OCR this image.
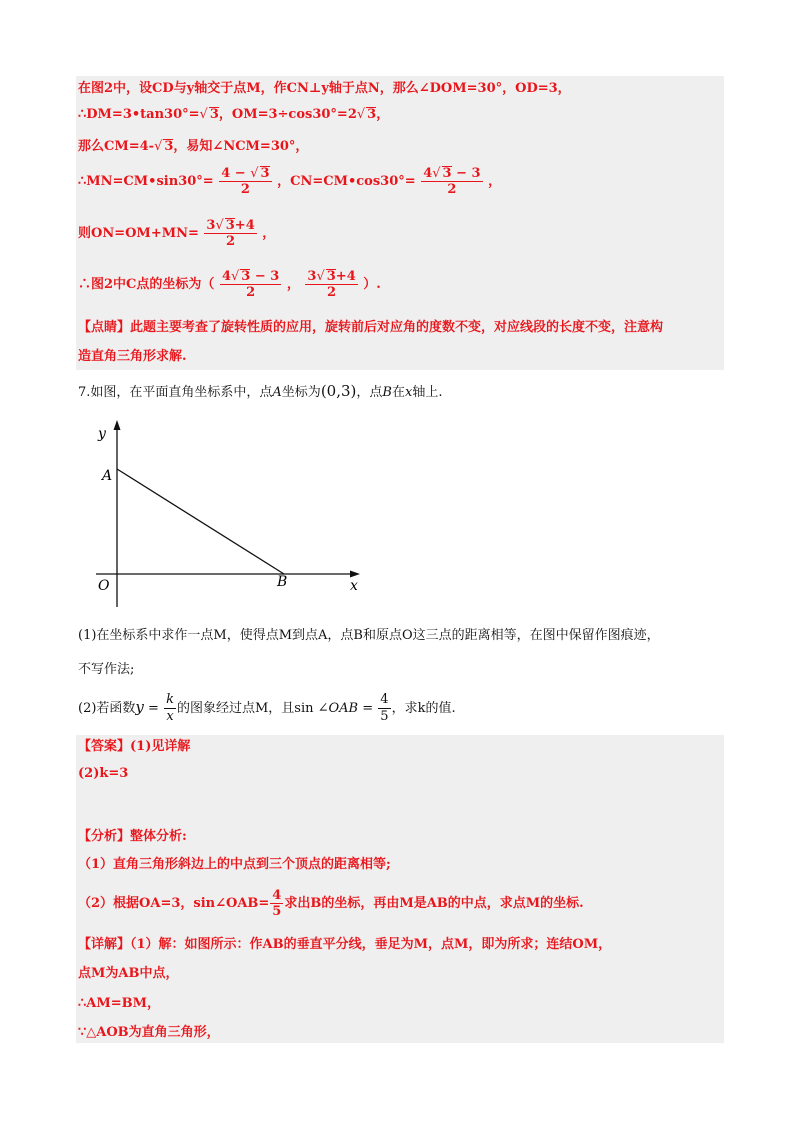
在图2中，设CD与y轴交于点M，作CN⊥y轴于点N，那么∠DOM=30°，OD=3，
∴DM=3•tan30°=√ 3，OM=3÷cos30°=2√ 3，
那么CM=4-√ 3，易知∠NCM=30°，
∴MN=CM•sin30°= $\frac{4 - √ 3}{2}$ ，CN=CM•cos30°= $\frac{4√ 3 - 3}{2}$ ，
则$ON=OM+MN= \frac{3√ 3+4}{2}$ ，
∴图2中C点的坐标为（ $\frac{4√ 3 - 3}{2}$ ， $\frac{3√ 3+4}{2}$ ）.
【点睛】此题主要考查了旋转性质的应用，旋转前后对应角的度数不变，对应线段的长度不变，注意构
造直角三角形求解.
7.如图，在平面直角坐标系中，点A坐标为(0,3)，点B在x轴上.
y
A
O	B	x
(1)在坐标系中求作一点M，使得点M到点A，点B和原点O这三点的距离相等，在图中保留作图痕迹，
不写作法;
(2)若函数$y = \frac{k}{x}$ 的图象经过点M，且sin ∠OAB = $\frac{4}{5}$ ，求k的值.
【答案】(1)见详解
(2)k=3
【分析】整体分析:
（1）直角三角形斜边上的中点到三个顶点的距离相等;
（2）根据OA=3，sin∠OAB= $\frac{4}{5}$ 求出B的坐标，再由M是AB的中点，求点M的坐标.
【详解】（1）解：如图所示：作AB的垂直平分线，垂足为M，点M，即为所求；连结OM，
点M为AB中点，
∴AM=BM，
∵△AOB为直角三角形，
